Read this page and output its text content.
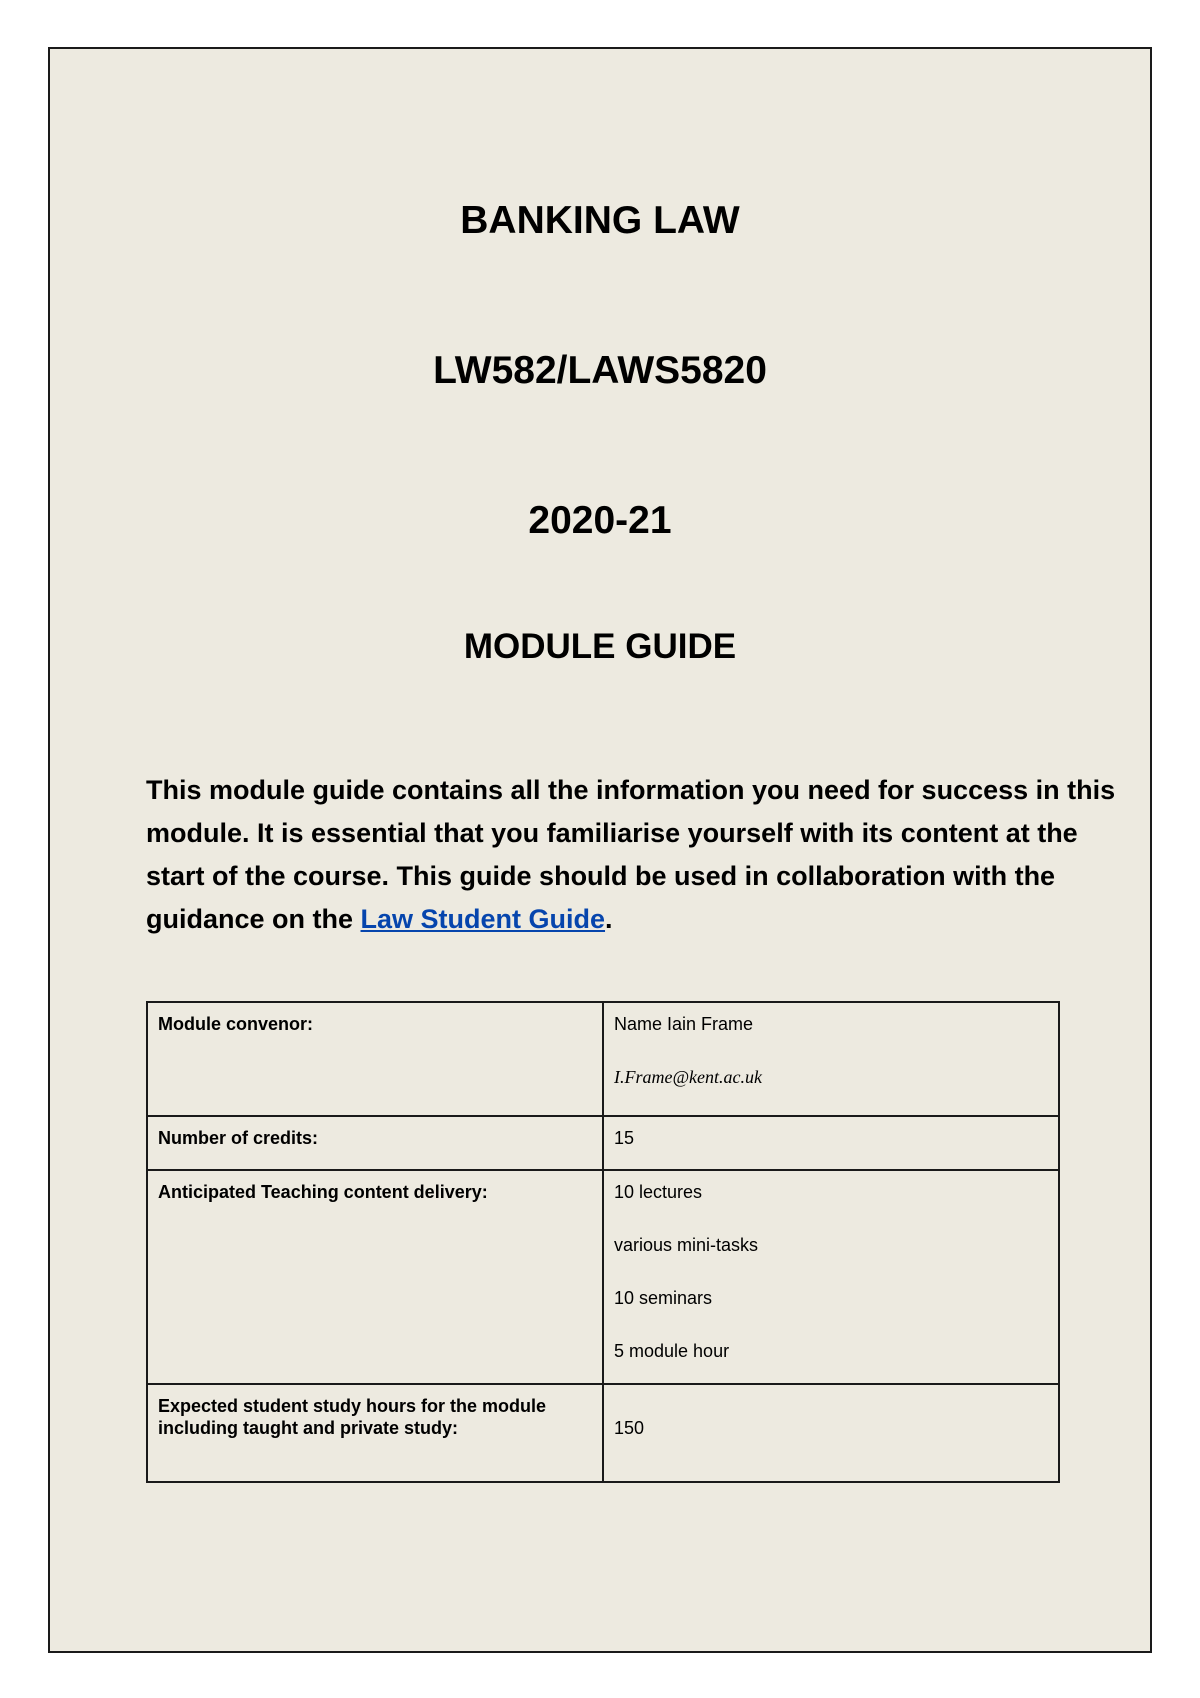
BANKING LAW
LW582/LAWS5820
2020-21
MODULE GUIDE

This module guide contains all the information you need for success in this module. It is essential that you familiarise yourself with its content at the start of the course. This guide should be used in collaboration with the guidance on the Law Student Guide.

Module convenor:	Name Iain Frame
I.Frame@kent.ac.uk

Number of credits:	15
Anticipated Teaching content delivery:	10 lectures
various mini-tasks
10 seminars
5 module hour

Expected student study hours for the module including taught and private study:	150
